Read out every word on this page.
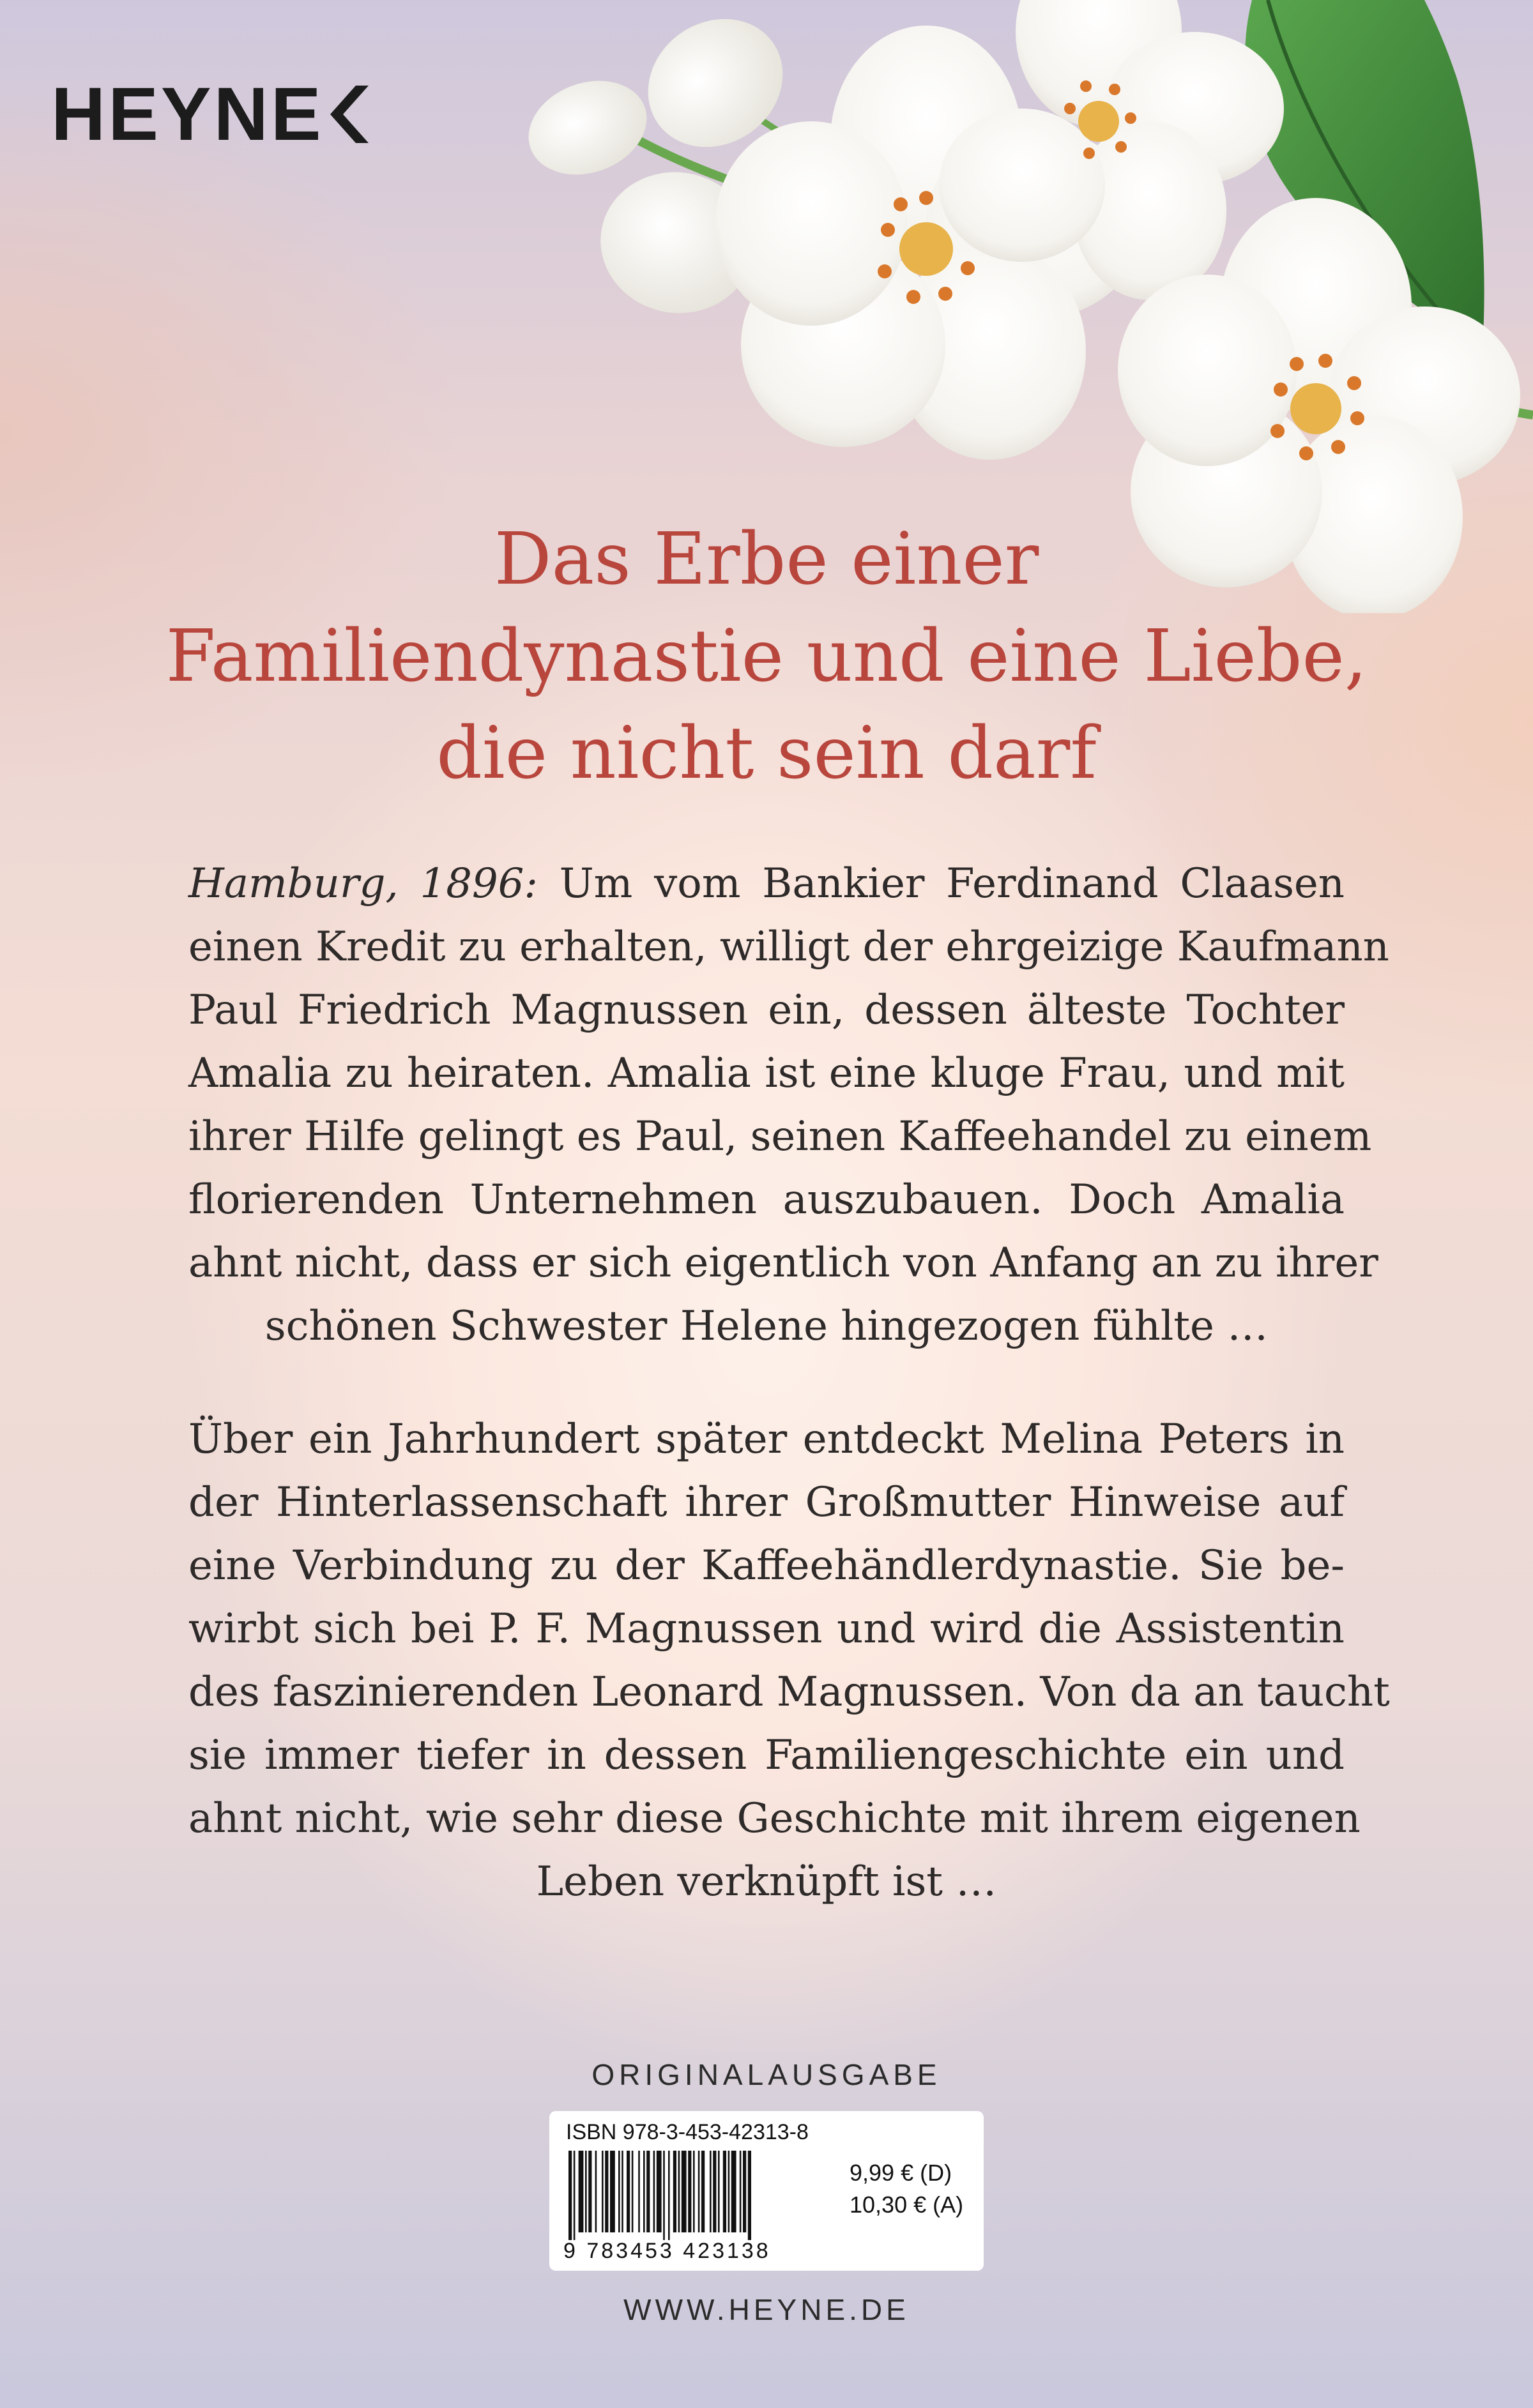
HEYNE
Das Erbe einer
Familiendynastie und eine Liebe,
die nicht sein darf
Hamburg, 1896: Um vom Bankier Ferdinand Claasen
einen Kredit zu erhalten, willigt der ehrgeizige Kaufmann
Paul Friedrich Magnussen ein, dessen älteste Tochter
Amalia zu heiraten. Amalia ist eine kluge Frau, und mit
ihrer Hilfe gelingt es Paul, seinen Kaffeehandel zu einem
florierenden Unternehmen auszubauen. Doch Amalia
ahnt nicht, dass er sich eigentlich von Anfang an zu ihrer
schönen Schwester Helene hingezogen fühlte …
Über ein Jahrhundert später entdeckt Melina Peters in
der Hinterlassenschaft ihrer Großmutter Hinweise auf
eine Verbindung zu der Kaffeehändlerdynastie. Sie be-
wirbt sich bei P. F. Magnussen und wird die Assistentin
des faszinierenden Leonard Magnussen. Von da an taucht
sie immer tiefer in dessen Familiengeschichte ein und
ahnt nicht, wie sehr diese Geschichte mit ihrem eigenen
Leben verknüpft ist …
ORIGINALAUSGABE
ISBN 978-3-453-42313-8
9 783453 423138
9,99 € (D)
10,30 € (A)
WWW.HEYNE.DE
